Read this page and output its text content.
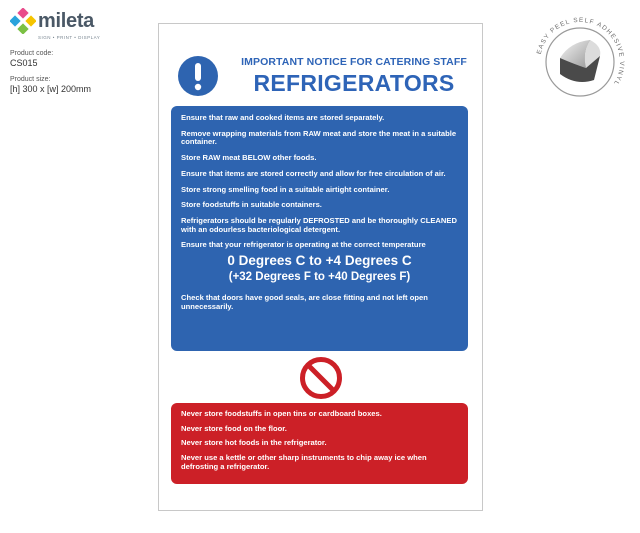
mileta
SIGN • PRINT • DISPLAY
Product code:
CS015
Product size:
[h] 300 x [w] 200mm
EASY PEEL SELF ADHESIVE VINYL
IMPORTANT NOTICE FOR CATERING STAFF
REFRIGERATORS

Ensure that raw and cooked items are stored separately.

Remove wrapping materials from RAW meat and store the meat in a suitable container.

Store RAW meat BELOW other foods.

Ensure that items are stored correctly and allow for free circulation of air.

Store strong smelling food in a suitable airtight container.

Store foodstuffs in suitable containers.

Refrigerators should be regularly DEFROSTED and be thoroughly CLEANED with an odourless bacteriological detergent.

Ensure that your refrigerator is operating at the correct temperature

0 Degrees C to +4 Degrees C
(+32 Degrees F to +40 Degrees F)

Check that doors have good seals, are close fitting and not left open unnecessarily.

Never store foodstuffs in open tins or cardboard boxes.

Never store food on the floor.

Never store hot foods in the refrigerator.

Never use a kettle or other sharp instruments to chip away ice when defrosting a refrigerator.
